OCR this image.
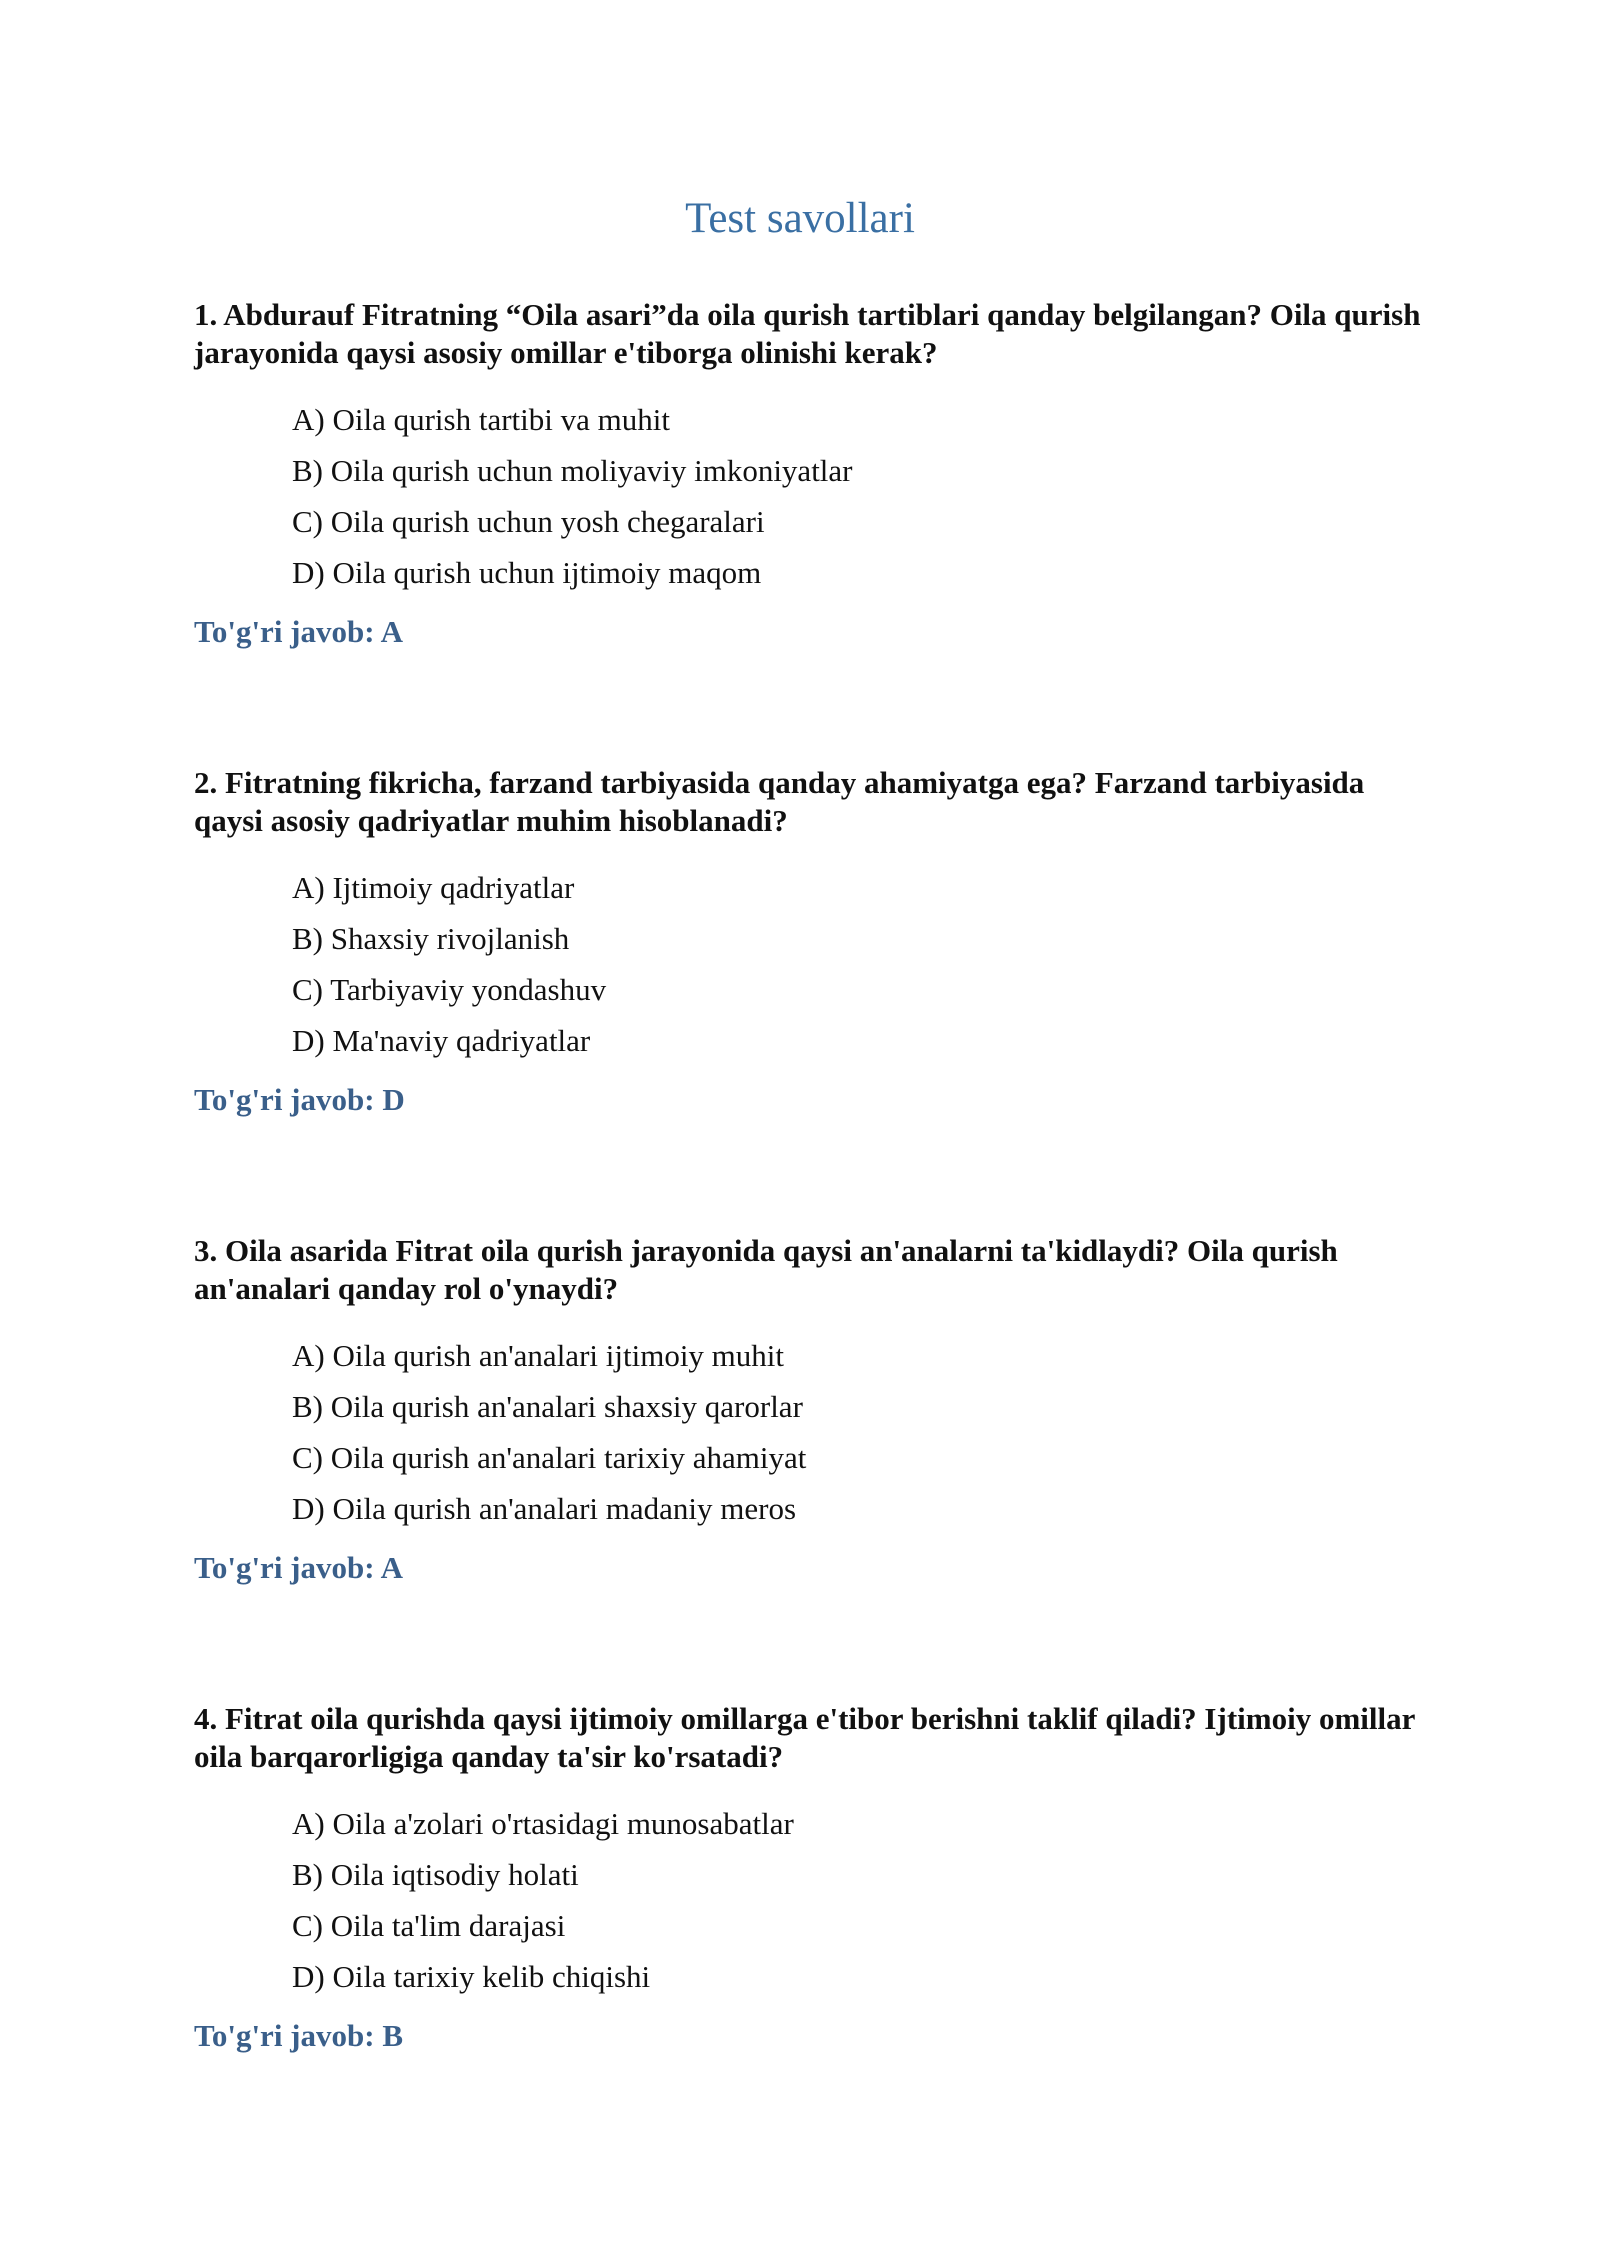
Test savollari

1. Abdurauf Fitratning “Oila asari”da oila qurish tartiblari qanday belgilangan? Oila qurish jarayonida qaysi asosiy omillar e'tiborga olinishi kerak?

A) Oila qurish tartibi va muhit
B) Oila qurish uchun moliyaviy imkoniyatlar
C) Oila qurish uchun yosh chegaralari
D) Oila qurish uchun ijtimoiy maqom

To'g'ri javob: A

2. Fitratning fikricha, farzand tarbiyasida qanday ahamiyatga ega? Farzand tarbiyasida qaysi asosiy qadriyatlar muhim hisoblanadi?

A) Ijtimoiy qadriyatlar
B) Shaxsiy rivojlanish
C) Tarbiyaviy yondashuv
D) Ma'naviy qadriyatlar

To'g'ri javob: D

3. Oila asarida Fitrat oila qurish jarayonida qaysi an'analarni ta'kidlaydi? Oila qurish an'analari qanday rol o'ynaydi?

A) Oila qurish an'analari ijtimoiy muhit
B) Oila qurish an'analari shaxsiy qarorlar
C) Oila qurish an'analari tarixiy ahamiyat
D) Oila qurish an'analari madaniy meros

To'g'ri javob: A

4. Fitrat oila qurishda qaysi ijtimoiy omillarga e'tibor berishni taklif qiladi? Ijtimoiy omillar oila barqarorligiga qanday ta'sir ko'rsatadi?

A) Oila a'zolari o'rtasidagi munosabatlar
B) Oila iqtisodiy holati
C) Oila ta'lim darajasi
D) Oila tarixiy kelib chiqishi

To'g'ri javob: B
